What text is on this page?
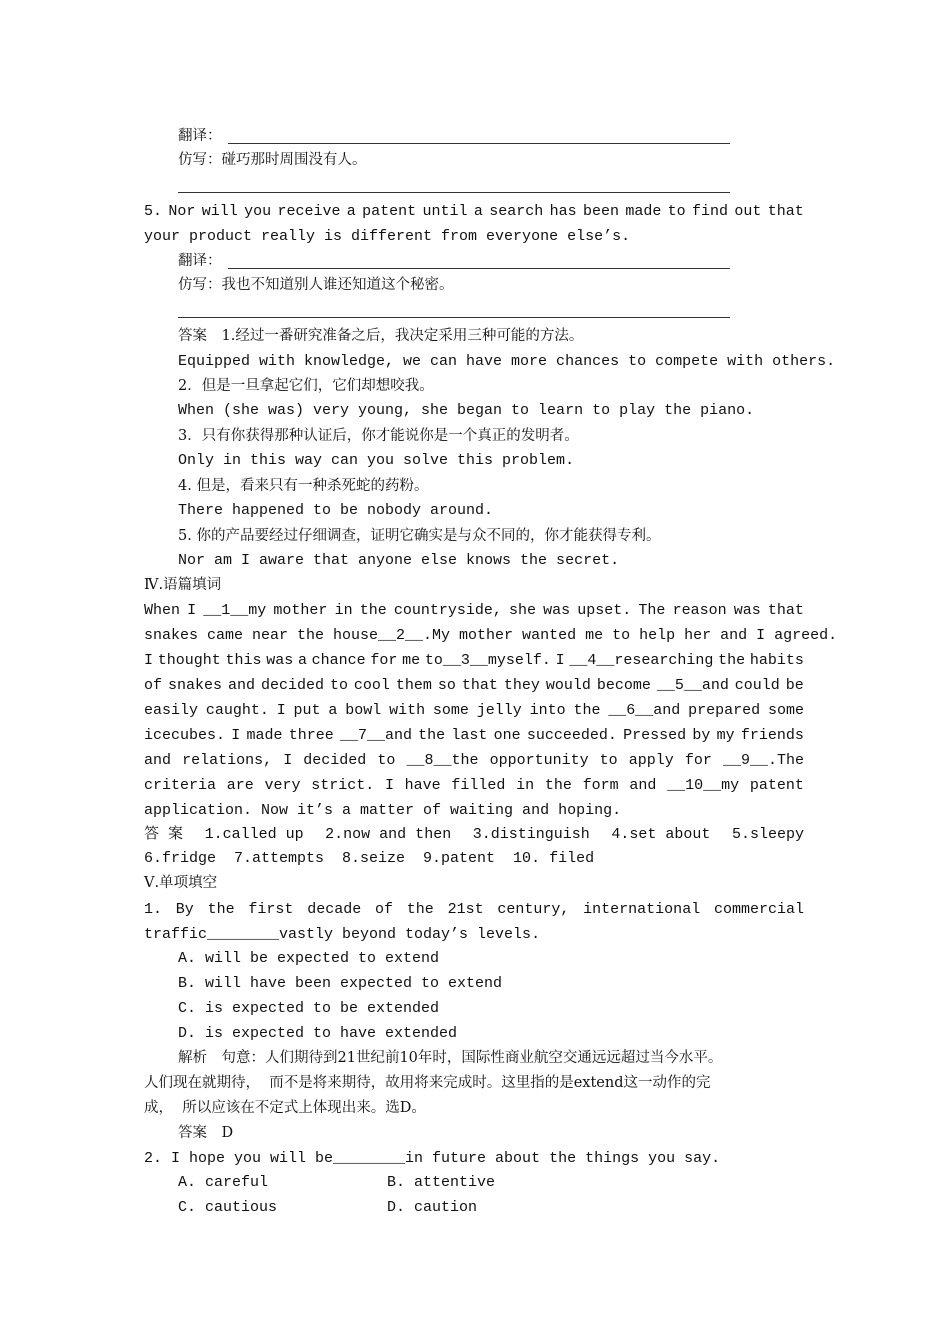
翻译：
仿写：碰巧那时周围没有人。
5. Nor will you receive a patent until a search has been made to find out that
your product really is different from everyone else’s.
翻译：
仿写：我也不知道别人谁还知道这个秘密。
答案　1.经过一番研究准备之后，我决定采用三种可能的方法。
Equipped with knowledge, we can have more chances to compete with others.
2．但是一旦拿起它们，它们却想咬我。
When (she was) very young, she began to learn to play the piano.
3．只有你获得那种认证后，你才能说你是一个真正的发明者。
Only in this way can you solve this problem.
4. 但是，看来只有一种杀死蛇的药粉。
There happened to be nobody around.
5. 你的产品要经过仔细调查，证明它确实是与众不同的，你才能获得专利。
Nor am I aware that anyone else knows the secret.
Ⅳ.语篇填词
When I __1__my mother in the countryside, she was upset. The reason was that
snakes came near the house__2__.My mother wanted me to help her and I agreed.
I thought this was a chance for me to__3__myself. I __4__researching the habits
of snakes and decided to cool them so that they would become __5__and could be
easily caught. I put a bowl with some jelly into the __6__and prepared some
icecubes. I made three __7__and the last one succeeded. Pressed by my friends
and relations, I decided to __8__the opportunity to apply for __9__.The
criteria are very strict. I have filled in the form and __10__my patent
application. Now it’s a matter of waiting and hoping.
答 案 1.called up 2.now and then 3.distinguish 4.set about 5.sleepy
6.fridge  7.attempts  8.seize  9.patent  10. filed
Ⅴ.单项填空
1. By the first decade of the 21st century, international commercial
traffic________vastly beyond today’s levels.
A. will be expected to extend
B. will have been expected to extend
C. is expected to be extended
D. is expected to have extended
解析　句意：人们期待到21世纪前10年时，国际性商业航空交通远远超过当今水平。
人们现在就期待，  而不是将来期待，故用将来完成时。这里指的是extend这一动作的完
成，  所以应该在不定式上体现出来。选D。
答案　D
2. I hope you will be________in future about the things you say.
A. careful	B. attentive
C. cautious	D. caution
